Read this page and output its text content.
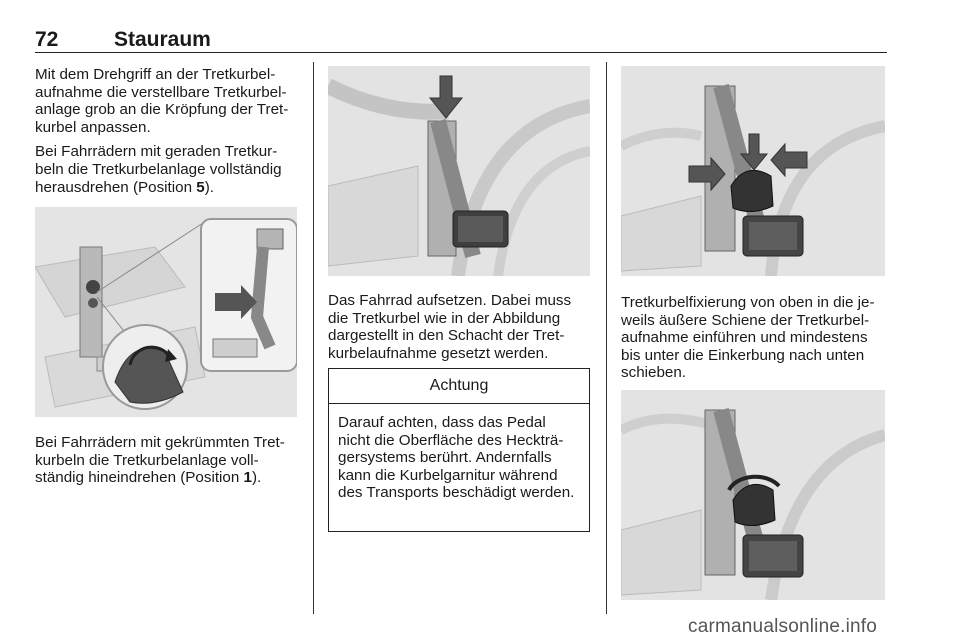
72	Stauraum

Mit dem Drehgriff an der Tretkurbelaufnahme die verstellbare Tretkurbelanlage grob an die Kröpfung der Tretkurbel anpassen.

Bei Fahrrädern mit geraden Tretkurbeln die Tretkurbelanlage vollständig herausdrehen (Position 5).

Bei Fahrrädern mit gekrümmten Tretkurbeln die Tretkurbelanlage vollständig hineindrehen (Position 1).

Das Fahrrad aufsetzen. Dabei muss die Tretkurbel wie in der Abbildung dargestellt in den Schacht der Tretkurbelaufnahme gesetzt werden.

Achtung
Darauf achten, dass das Pedal nicht die Oberfläche des Heckträgersystems berührt. Andernfalls kann die Kurbelgarnitur während des Transports beschädigt werden.

Tretkurbelfixierung von oben in die jeweils äußere Schiene der Tretkurbelaufnahme einführen und mindestens bis unter die Einkerbung nach unten schieben.

carmanualsonline.info
